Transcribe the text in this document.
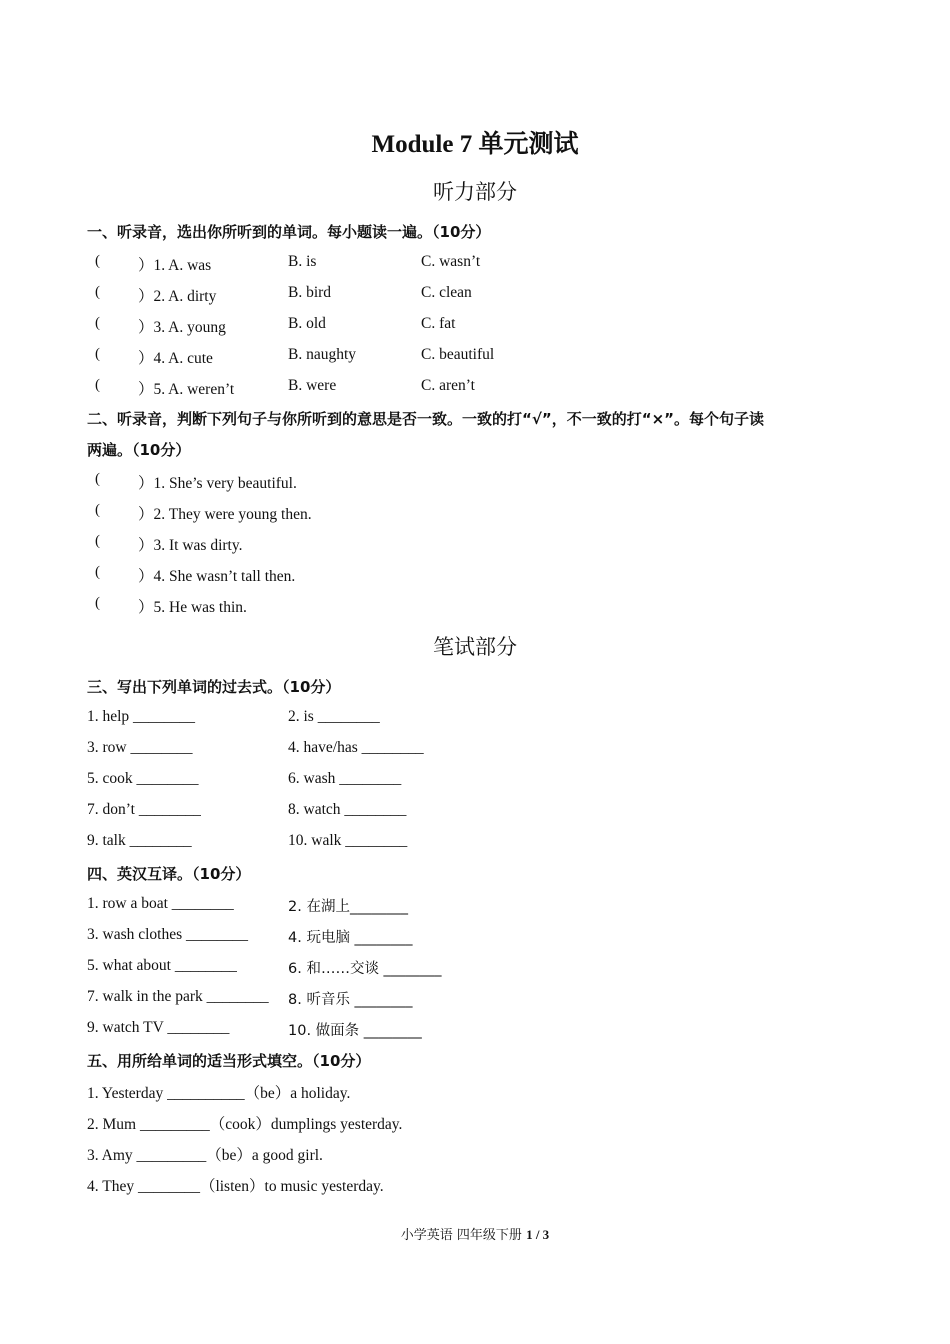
Module 7 单元测试
听力部分
一、听录音，选出你所听到的单词。每小题读一遍。（10分）
( ）1. A. was	B. is	C. wasn’t
( ）2. A. dirty	B. bird	C. clean
( ）3. A. young	B. old	C. fat
( ）4. A. cute	B. naughty	C. beautiful
( ）5. A. weren’t	B. were	C. aren’t
二、听录音，判断下列句子与你所听到的意思是否一致。一致的打“√”，不一致的打“×”。每个句子读
两遍。（10分）
( ）1. She’s very beautiful.
( ）2. They were young then.
( ）3. It was dirty.
( ）4. She wasn’t tall then.
( ）5. He was thin.
笔试部分
三、写出下列单词的过去式。（10分）
1. help ________	2. is ________
3. row ________	4. have/has ________
5. cook ________	6. wash ________
7. don’t ________	8. watch ________
9. talk ________	10. walk ________
四、英汉互译。（10分）
1. row a boat ________	2. 在湖上________
3. wash clothes ________	4. 玩电脑 ________
5. what about ________	6. 和……交谈 ________
7. walk in the park ________ 8. 听音乐 ________
9. watch TV ________	10. 做面条 ________
五、用所给单词的适当形式填空。（10分）
1. Yesterday __________（be）a holiday.
2. Mum _________（cook）dumplings yesterday.
3. Amy _________（be）a good girl.
4. They ________（listen）to music yesterday.
小学英语 四年级下册 1 / 3
